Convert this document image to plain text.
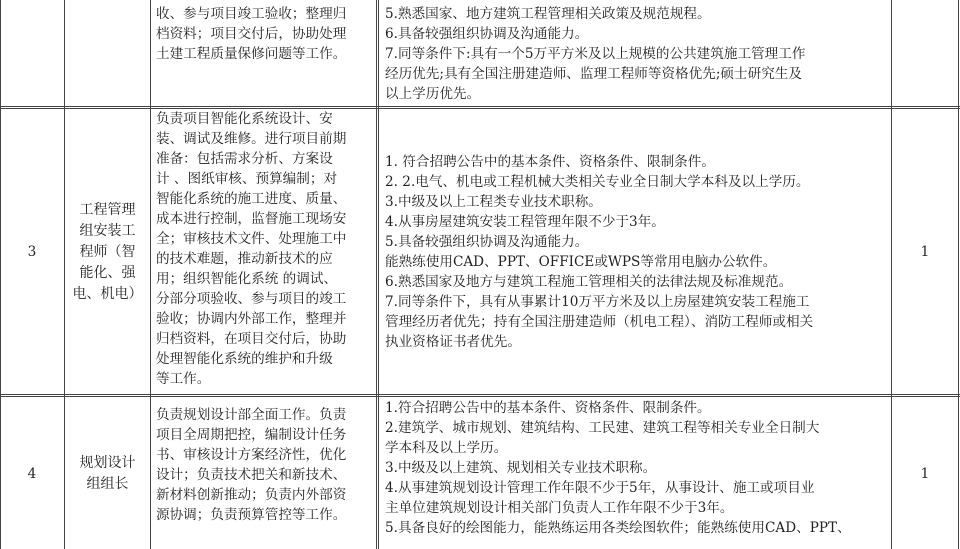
收、参与项目竣工验收；整理归
档资料；项目交付后，协助处理
土建工程质量保修问题等工作。
5.熟悉国家、地方建筑工程管理相关政策及规范规程。
6.具备较强组织协调及沟通能力。
7.同等条件下:具有一个5万平方米及以上规模的公共建筑施工管理工作
经历优先;具有全国注册建造师、监理工程师等资格优先;硕士研究生及
以上学历优先。
3
工程管理
组安装工
程师（智
能化、强
电、机电）
负责项目智能化系统设计、安
装、调试及维修。进行项目前期
准备：包括需求分析、方案设
计 、图纸审核、预算编制；对
智能化系统的施工进度、质量、
成本进行控制，监督施工现场安
全；审核技术文件、处理施工中
的技术难题，推动新技术的应
用；组织智能化系统 的调试、
分部分项验收、参与项目的竣工
验收；协调内外部工作，整理并
归档资料，在项目交付后，协助
处理智能化系统的维护和升级
等工作。
1. 符合招聘公告中的基本条件、资格条件、限制条件。
2. 2.电气、机电或工程机械大类相关专业全日制大学本科及以上学历。
3.中级及以上工程类专业技术职称。
4.从事房屋建筑安装工程管理年限不少于3年。
5.具备较强组织协调及沟通能力。
能熟练使用CAD、PPT、OFFICE或WPS等常用电脑办公软件。
6.熟悉国家及地方与建筑工程施工管理相关的法律法规及标准规范。
7.同等条件下，具有从事累计10万平方米及以上房屋建筑安装工程施工
管理经历者优先；持有全国注册建造师（机电工程）、消防工程师或相关
执业资格证书者优先。
1
4
规划设计
组组长
负责规划设计部全面工作。负责
项目全周期把控，编制设计任务
书、审核设计方案经济性，优化
设计；负责技术把关和新技术、
新材料创新推动；负责内外部资
源协调；负责预算管控等工作。
1.符合招聘公告中的基本条件、资格条件、限制条件。
2.建筑学、城市规划、建筑结构、工民建、建筑工程等相关专业全日制大
学本科及以上学历。
3.中级及以上建筑、规划相关专业技术职称。
4.从事建筑规划设计管理工作年限不少于5年，从事设计、施工或项目业
主单位建筑规划设计相关部门负责人工作年限不少于3年。
5.具备良好的绘图能力，能熟练运用各类绘图软件；能熟练使用CAD、PPT、
1
